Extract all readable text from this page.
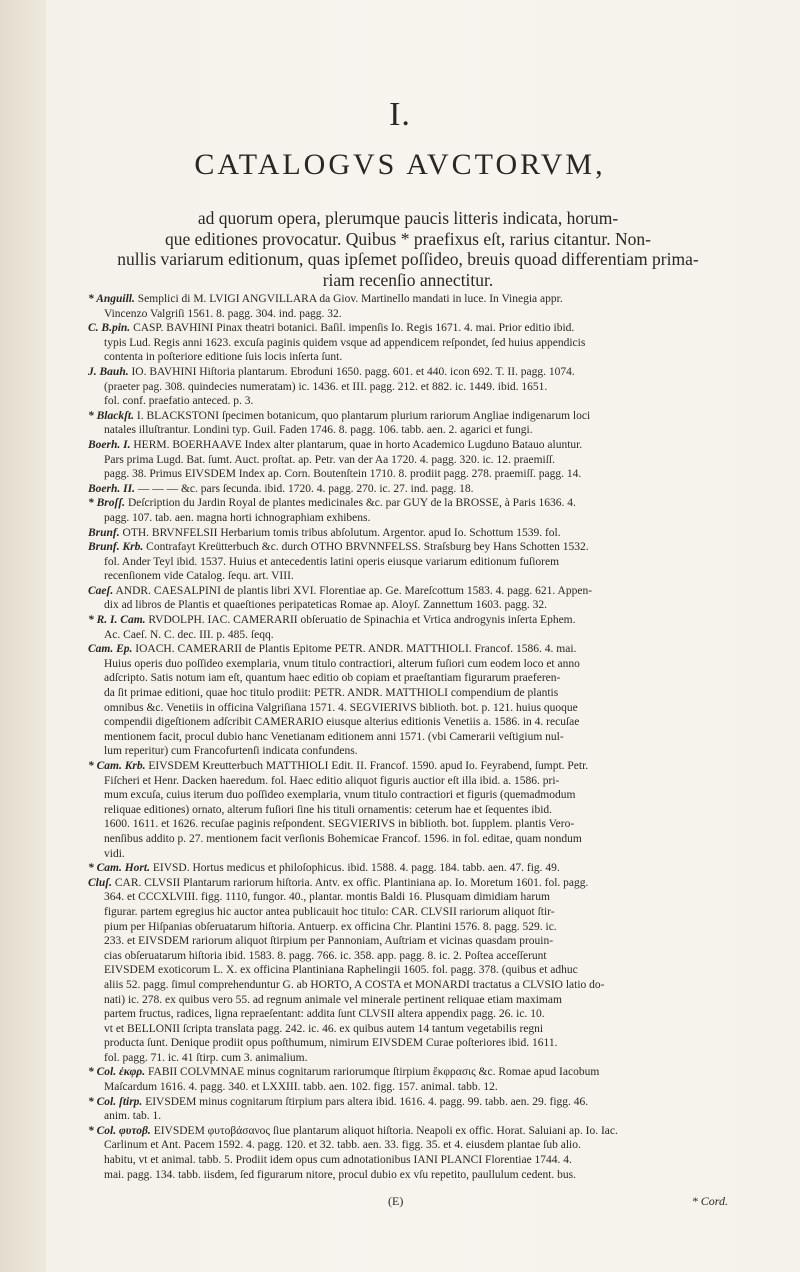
I.
CATALOGVS AVCTORVM,
ad quorum opera, plerumque paucis litteris indicata, horum-
que editiones provocatur. Quibus * praefixus eſt, rarius citantur. Non-
nullis variarum editionum, quas ipſemet poſſideo, breuis quoad differentiam prima-
riam recenſio annectitur.
* Anguill. Semplici di M. LVIGI ANGVILLARA da Giov. Martinello mandati in luce. In Vinegia appr.
Vincenzo Valgriſi 1561. 8. pagg. 304. ind. pagg. 32.
C. B.pin. CASP. BAVHINI Pinax theatri botanici. Baſil. impenſis Io. Regis 1671. 4. mai. Prior editio ibid.
typis Lud. Regis anni 1623. excuſa paginis quidem vsque ad appendicem reſpondet, ſed huius appendicis
contenta in poſteriore editione ſuis locis inſerta ſunt.
J. Bauh. IO. BAVHINI Hiſtoria plantarum. Ebroduni 1650. pagg. 601. et 440. icon 692. T. II. pagg. 1074.
(praeter pag. 308. quindecies numeratam) ic. 1436. et III. pagg. 212. et 882. ic. 1449. ibid. 1651.
fol. conf. praefatio anteced. p. 3.
* Blackſt. I. BLACKSTONI ſpecimen botanicum, quo plantarum plurium rariorum Angliae indigenarum loci
natales illuſtrantur. Londini typ. Guil. Faden 1746. 8. pagg. 106. tabb. aen. 2. agarici et fungi.
Boerh. I. HERM. BOERHAAVE Index alter plantarum, quae in horto Academico Lugduno Batauo aluntur.
Pars prima Lugd. Bat. ſumt. Auct. proſtat. ap. Petr. van der Aa 1720. 4. pagg. 320. ic. 12. praemiſſ.
pagg. 38. Primus EIVSDEM Index ap. Corn. Boutenſtein 1710. 8. prodiit pagg. 278. praemiſſ. pagg. 14.
Boerh. II. — — — &c. pars ſecunda. ibid. 1720. 4. pagg. 270. ic. 27. ind. pagg. 18.
* Broſſ. Deſcription du Jardin Royal de plantes medicinales &c. par GUY de la BROSSE, à Paris 1636. 4.
pagg. 107. tab. aen. magna horti ichnographiam exhibens.
Brunf. OTH. BRVNFELSII Herbarium tomis tribus abſolutum. Argentor. apud Io. Schottum 1539. fol.
Brunf. Krb. Contrafayt Kreütterbuch &c. durch OTHO BRVNNFELSS. Straſsburg bey Hans Schotten 1532.
fol. Ander Teyl ibid. 1537. Huius et antecedentis latini operis eiusque variarum editionum fuſiorem
recenſionem vide Catalog. ſequ. art. VIII.
Caeſ. ANDR. CAESALPINI de plantis libri XVI. Florentiae ap. Ge. Mareſcottum 1583. 4. pagg. 621. Appen-
dix ad libros de Plantis et quaeſtiones peripateticas Romae ap. Aloyſ. Zannettum 1603. pagg. 32.
* R. I. Cam. RVDOLPH. IAC. CAMERARII obſeruatio de Spinachia et Vrtica androgynis inſerta Ephem.
Ac. Caeſ. N. C. dec. III. p. 485. ſeqq.
Cam. Ep. IOACH. CAMERARII de Plantis Epitome PETR. ANDR. MATTHIOLI. Francof. 1586. 4. mai.
Huius operis duo poſſideo exemplaria, vnum titulo contractiori, alterum fuſiori cum eodem loco et anno
adſcripto. Satis notum iam eſt, quantum haec editio ob copiam et praeſtantiam figurarum praeferen-
da ſit primae editioni, quae hoc titulo prodiit: PETR. ANDR. MATTHIOLI compendium de plantis
omnibus &c. Venetiis in officina Valgriſiana 1571. 4. SEGVIERIVS biblioth. bot. p. 121. huius quoque
compendii digeſtionem adſcribit CAMERARIO eiusque alterius editionis Venetiis a. 1586. in 4. recuſae
mentionem facit, procul dubio hanc Venetianam editionem anni 1571. (vbi Camerarii veſtigium nul-
lum reperitur) cum Francofurtenſi indicata confundens.
* Cam. Krb. EIVSDEM Kreutterbuch MATTHIOLI Edit. II. Francof. 1590. apud Io. Feyrabend, ſumpt. Petr.
Fiſcheri et Henr. Dacken haeredum. fol. Haec editio aliquot figuris auctior eſt illa ibid. a. 1586. pri-
mum excuſa, cuius iterum duo poſſideo exemplaria, vnum titulo contractiori et figuris (quemadmodum
reliquae editiones) ornato, alterum fuſiori ſine his tituli ornamentis: ceterum hae et ſequentes ibid.
1600. 1611. et 1626. recuſae paginis reſpondent. SEGVIERIVS in biblioth. bot. ſupplem. plantis Vero-
nenſibus addito p. 27. mentionem facit verſionis Bohemicae Francof. 1596. in fol. editae, quam nondum
vidi.
* Cam. Hort. EIVSD. Hortus medicus et philoſophicus. ibid. 1588. 4. pagg. 184. tabb. aen. 47. fig. 49.
Cluſ. CAR. CLVSII Plantarum rariorum hiſtoria. Antv. ex offic. Plantiniana ap. Io. Moretum 1601. fol. pagg.
364. et CCCXLVIII. figg. 1110, fungor. 40., plantar. montis Baldi 16. Plusquam dimidiam harum
figurar. partem egregius hic auctor antea publicauit hoc titulo: CAR. CLVSII rariorum aliquot ſtir-
pium per Hiſpanias obſeruatarum hiſtoria. Antuerp. ex officina Chr. Plantini 1576. 8. pagg. 529. ic.
233. et EIVSDEM rariorum aliquot ſtirpium per Pannoniam, Auſtriam et vicinas quasdam prouin-
cias obſeruatarum hiſtoria ibid. 1583. 8. pagg. 766. ic. 358. app. pagg. 8. ic. 2. Poſtea acceſſerunt
EIVSDEM exoticorum L. X. ex officina Plantiniana Raphelingii 1605. fol. pagg. 378. (quibus et adhuc
aliis 52. pagg. ſimul comprehenduntur G. ab HORTO, A COSTA et MONARDI tractatus a CLVSIO latio do-
nati) ic. 278. ex quibus vero 55. ad regnum animale vel minerale pertinent reliquae etiam maximam
partem fructus, radices, ligna repraeſentant: addita ſunt CLVSII altera appendix pagg. 26. ic. 10.
vt et BELLONII ſcripta translata pagg. 242. ic. 46. ex quibus autem 14 tantum vegetabilis regni
producta ſunt. Denique prodiit opus poſthumum, nimirum EIVSDEM Curae poſteriores ibid. 1611.
fol. pagg. 71. ic. 41 ſtirp. cum 3. animalium.
* Col. ἐκφρ. FABII COLVMNAE minus cognitarum rariorumque ſtirpium ἔκφρασις &c. Romae apud Iacobum
Maſcardum 1616. 4. pagg. 340. et LXXIII. tabb. aen. 102. figg. 157. animal. tabb. 12.
* Col. ſtirp. EIVSDEM minus cognitarum ſtirpium pars altera ibid. 1616. 4. pagg. 99. tabb. aen. 29. figg. 46.
anim. tab. 1.
* Col. φυτοβ. EIVSDEM φυτοβάσανος ſiue plantarum aliquot hiſtoria. Neapoli ex offic. Horat. Saluiani ap. Io. Iac.
Carlinum et Ant. Pacem 1592. 4. pagg. 120. et 32. tabb. aen. 33. figg. 35. et 4. eiusdem plantae ſub alio.
habitu, vt et animal. tabb. 5. Prodiit idem opus cum adnotationibus IANI PLANCI Florentiae 1744. 4.
mai. pagg. 134. tabb. iisdem, ſed figurarum nitore, procul dubio ex vſu repetito, paullulum cedent. bus.
(E)	* Cord.
